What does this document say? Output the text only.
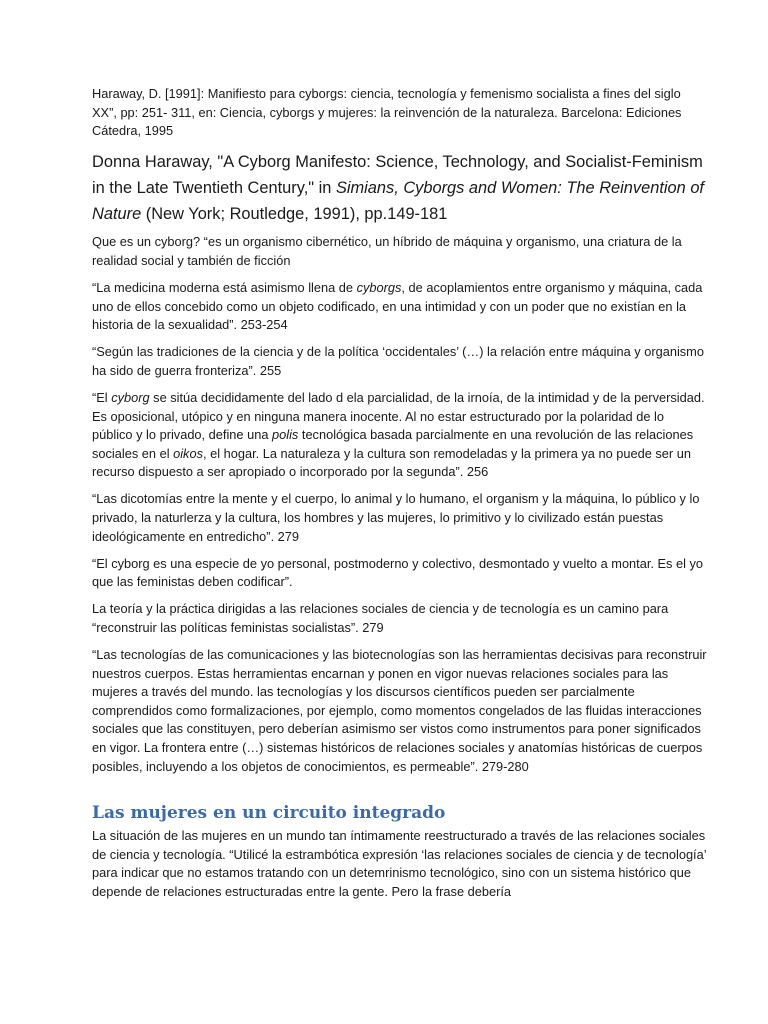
Haraway, D. [1991]: Manifiesto para cyborgs: ciencia, tecnología y femenismo socialista a fines del siglo XX”, pp: 251- 311, en: Ciencia, cyborgs y mujeres: la reinvención de la naturaleza. Barcelona: Ediciones Cátedra, 1995

Donna Haraway, "A Cyborg Manifesto: Science, Technology, and Socialist-Feminism in the Late Twentieth Century," in Simians, Cyborgs and Women: The Reinvention of Nature (New York; Routledge, 1991), pp.149-181

Que es un cyborg? “es un organismo cibernético, un híbrido de máquina y organismo, una criatura de la realidad social y también de ficción

“La medicina moderna está asimismo llena de cyborgs, de acoplamientos entre organismo y máquina, cada uno de ellos concebido como un objeto codificado, en una intimidad y con un poder que no existían en la historia de la sexualidad”. 253-254

“Según las tradiciones de la ciencia y de la política ‘occidentales’ (…) la relación entre máquina y organismo ha sido de guerra fronteriza”. 255

“El cyborg se sitúa decididamente del lado d ela parcialidad, de la irnoía, de la intimidad y de la perversidad. Es oposicional, utópico y en ninguna manera inocente. Al no estar estructurado por la polaridad de lo público y lo privado, define una polis tecnológica basada parcialmente en una revolución de las relaciones sociales en el oikos, el hogar. La naturaleza y la cultura son remodeladas y la primera ya no puede ser un recurso dispuesto a ser apropiado o incorporado por la segunda”. 256

“Las dicotomías entre la mente y el cuerpo, lo animal y lo humano, el organism y la máquina, lo público y lo privado, la naturlerza y la cultura, los hombres y las mujeres, lo primitivo y lo civilizado están puestas ideológicamente en entredicho”. 279

“El cyborg es una especie de yo personal, postmoderno y colectivo, desmontado y vuelto a montar. Es el yo que las feministas deben codificar”.

La teoría y la práctica dirigidas a las relaciones sociales de ciencia y de tecnología es un camino para “reconstruir las políticas feministas socialistas”. 279

“Las tecnologías de las comunicaciones y las biotecnologías son las herramientas decisivas para reconstruir nuestros cuerpos. Estas herramientas encarnan y ponen en vigor nuevas relaciones sociales para las mujeres a través del mundo. las tecnologías y los discursos científicos pueden ser parcialmente comprendidos como formalizaciones, por ejemplo, como momentos congelados de las fluidas interacciones sociales que las constituyen, pero deberían asimismo ser vistos como instrumentos para poner significados en vigor. La frontera entre (…) sistemas históricos de relaciones sociales y anatomías históricas de cuerpos posibles, incluyendo a los objetos de conocimientos, es permeable”. 279-280

Las mujeres en un circuito integrado

La situación de las mujeres en un mundo tan íntimamente reestructurado a través de las relaciones sociales de ciencia y tecnología. “Utilicé la estrambótica expresión ‘las relaciones sociales de ciencia y de tecnología’ para indicar que no estamos tratando con un detemrinismo tecnológico, sino con un sistema histórico que depende de relaciones estructuradas entre la gente. Pero la frase debería
